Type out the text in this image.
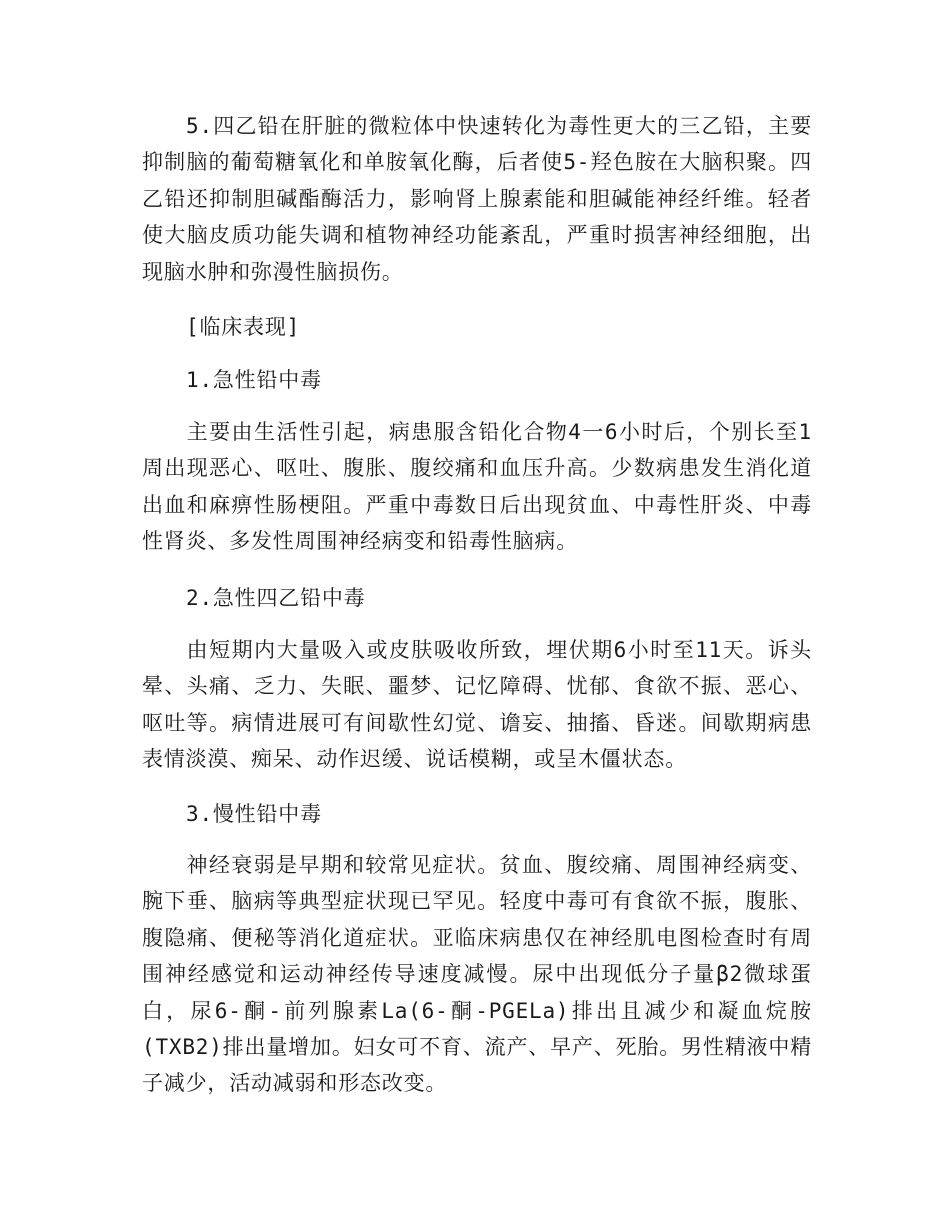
5.四乙铅在肝脏的微粒体中快速转化为毒性更大的三乙铅，主要抑制脑的葡萄糖氧化和单胺氧化酶，后者使5-羟色胺在大脑积聚。四乙铅还抑制胆碱酯酶活力，影响肾上腺素能和胆碱能神经纤维。轻者使大脑皮质功能失调和植物神经功能紊乱，严重时损害神经细胞，出现脑水肿和弥漫性脑损伤。

[临床表现]

1.急性铅中毒

主要由生活性引起，病患服含铅化合物4一6小时后，个别长至1周出现恶心、呕吐、腹胀、腹绞痛和血压升高。少数病患发生消化道出血和麻痹性肠梗阻。严重中毒数日后出现贫血、中毒性肝炎、中毒性肾炎、多发性周围神经病变和铅毒性脑病。

2.急性四乙铅中毒

由短期内大量吸入或皮肤吸收所致，埋伏期6小时至11天。诉头晕、头痛、乏力、失眠、噩梦、记忆障碍、忧郁、食欲不振、恶心、呕吐等。病情进展可有间歇性幻觉、谵妄、抽搐、昏迷。间歇期病患表情淡漠、痴呆、动作迟缓、说话模糊，或呈木僵状态。

3.慢性铅中毒

神经衰弱是早期和较常见症状。贫血、腹绞痛、周围神经病变、腕下垂、脑病等典型症状现已罕见。轻度中毒可有食欲不振，腹胀、腹隐痛、便秘等消化道症状。亚临床病患仅在神经肌电图检查时有周围神经感觉和运动神经传导速度减慢。尿中出现低分子量β2微球蛋白，尿6-酮-前列腺素La(6-酮-PGELa)排出且减少和凝血烷胺 (TXB2)排出量增加。妇女可不育、流产、早产、死胎。男性精液中精子减少，活动减弱和形态改变。
